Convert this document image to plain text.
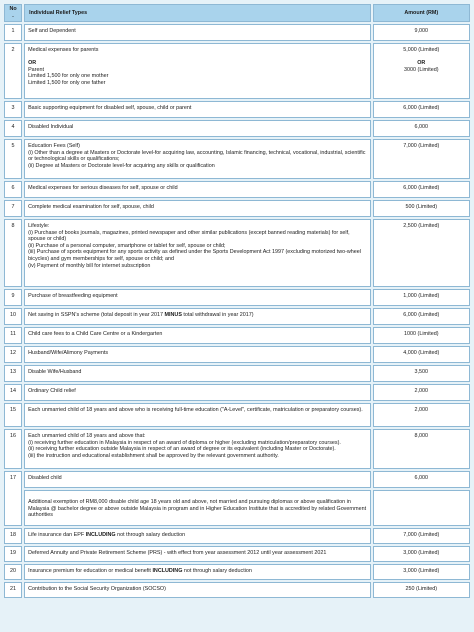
No.	Individual Relief Types	Amount (RM)
1	Self and Dependent	9,000
2	Medical expenses for parents

OR
Parent
Limited 1,500 for only one mother
Limited 1,500 for only one father	5,000 (Limited)

OR
3000 (Limited)

3	Basic supporting equipment for disabled self, spouse, child or parent	6,000 (Limited)
4	Disabled Individual	6,000
5	Education Fees (Self)
(i) Other than a degree at Masters or Doctorate level-for acquiring law, accounting, Islamic financing, technical, vocational, industrial, scientific or technological skills or qualifications;
(ii) Degree at Masters or Doctorate level-for acquiring any skills or qualification	7,000 (Limited)
6	Medical expenses for serious diseases for self, spouse or child	6,000 (Limited)
7	Complete medical examination for self, spouse, child	500 (Limited)
8	Lifestyle:
(i) Purchase of books journals, magazines, printed newspaper and other similar publications (except banned reading materials) for self, spouse or child)
(ii) Purchase of a personal computer, smartphone or tablet for self, spouse or child;
(iii) Purchase of sports equipment for any sports activity as defined under the Sports Development Act 1997 (excluding motorized two-wheel bicycles) and gym memberships for self, spouse or child; and
(iv) Payment of monthly bill for internet subscription	2,500 (Limited)
9	Purchase of breastfeeding equipment	1,000 (Limited)
10	Net saving in SSPN's scheme (total deposit in year 2017 MINUS total withdrawal in year 2017)	6,000 (Limited)
11	Child care fees to a Child Care Centre or a Kindergarten	1000 (Limited)
12	Husband/Wife/Alimony Payments	4,000 (Limited)
13	Disable Wife/Husband	3,500
14	Ordinary Child relief	2,000
15	Each unmarried child of 18 years and above who is receiving full-time education ("A-Level", certificate, matriculation or preparatory courses).	2,000
16	Each unmarried child of 18 years and above that:
(i) receiving further education in Malaysia in respect of an award of diploma or higher (excluding matriculation/preparatory courses).
(ii) receiving further education outside Malaysia in respect of an award of degree or its equivalent (including Master or Doctorate).
(iii) the instruction and educational establishment shall be approved by the relevant government authority.	8,000
17	Disabled child	6,000
	Additional exemption of RM8,000 disable child age 18 years old and above, not married and pursuing diplomas or above qualification in Malaysia @ bachelor degree or above outside Malaysia in program and in Higher Education Institute that is accredited by related Government authorities	
18	Life insurance dan EPF INCLUDING not through salary deduction	7,000 (Limited)
19	Deferred Annuity and Private Retirement Scheme (PRS) - with effect from year assessment 2012 until year assessment 2021	3,000 (Limited)
20	Insurance premium for education or medical benefit INCLUDING not through salary deduction	3,000 (Limited)
21	Contribution to the Social Security Organization (SOCSO)	250 (Limited)
